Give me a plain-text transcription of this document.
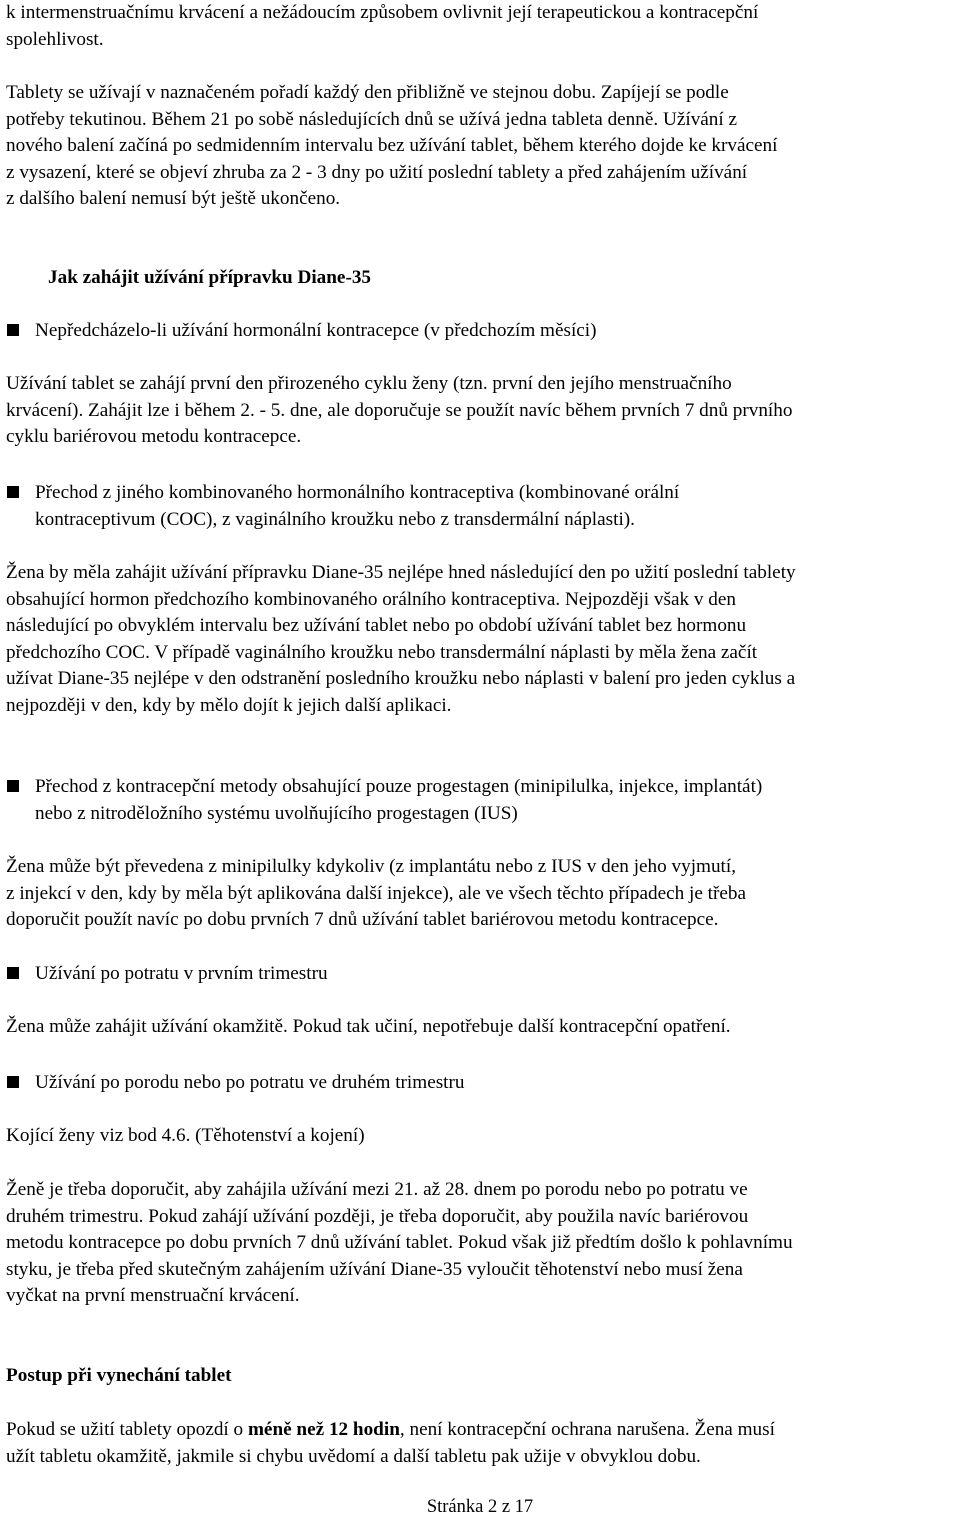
k intermenstruačnímu krvácení a nežádoucím způsobem ovlivnit její terapeutickou a kontracepční
spolehlivost.
Tablety se užívají v naznačeném pořadí každý den přibližně ve stejnou dobu. Zapíjejí se podle
potřeby tekutinou. Během 21 po sobě následujících dnů se užívá jedna tableta denně. Užívání z
nového balení začíná po sedmidenním intervalu bez užívání tablet, během kterého dojde ke krvácení
z vysazení, které se objeví zhruba za 2 - 3 dny po užití poslední tablety a před zahájením užívání
z dalšího balení nemusí být ještě ukončeno.
Jak zahájit užívání přípravku Diane-35
Nepředcházelo-li užívání hormonální kontracepce (v předchozím měsíci)
Užívání tablet se zahájí první den přirozeného cyklu ženy (tzn. první den jejího menstruačního
krvácení). Zahájit lze i během 2. - 5. dne, ale doporučuje se použít navíc během prvních 7 dnů prvního
cyklu bariérovou metodu kontracepce.
Přechod z jiného kombinovaného hormonálního kontraceptiva (kombinované orální
kontraceptivum (COC), z vaginálního kroužku nebo z transdermální náplasti).
Žena by měla zahájit užívání přípravku Diane-35 nejlépe hned následující den po užití poslední tablety
obsahující hormon předchozího kombinovaného orálního kontraceptiva. Nejpozději však v den
následující po obvyklém intervalu bez užívání tablet nebo po období užívání tablet bez hormonu
předchozího COC. V případě vaginálního kroužku nebo transdermální náplasti by měla žena začít
užívat Diane-35 nejlépe v den odstranění posledního kroužku nebo náplasti v balení pro jeden cyklus a
nejpozději v den, kdy by mělo dojít k jejich další aplikaci.
Přechod z kontracepční metody obsahující pouze progestagen (minipilulka, injekce, implantát)
nebo z nitroděložního systému uvolňujícího progestagen (IUS)
Žena může být převedena z minipilulky kdykoliv (z implantátu nebo z IUS v den jeho vyjmutí,
z injekcí v den, kdy by měla být aplikována další injekce), ale ve všech těchto případech je třeba
doporučit použít navíc po dobu prvních 7 dnů užívání tablet bariérovou metodu kontracepce.
Užívání po potratu v prvním trimestru
Žena může zahájit užívání okamžitě. Pokud tak učiní, nepotřebuje další kontracepční opatření.
Užívání po porodu nebo po potratu ve druhém trimestru
Kojící ženy viz bod 4.6. (Těhotenství a kojení)
Ženě je třeba doporučit, aby zahájila užívání mezi 21. až 28. dnem po porodu nebo po potratu ve
druhém trimestru. Pokud zahájí užívání později, je třeba doporučit, aby použila navíc bariérovou
metodu kontracepce po dobu prvních 7 dnů užívání tablet. Pokud však již předtím došlo k pohlavnímu
styku, je třeba před skutečným zahájením užívání Diane-35 vyloučit těhotenství nebo musí žena
vyčkat na první menstruační krvácení.
Postup při vynechání tablet
Pokud se užití tablety opozdí o méně než 12 hodin, není kontracepční ochrana narušena. Žena musí
užít tabletu okamžitě, jakmile si chybu uvědomí a další tabletu pak užije v obvyklou dobu.
Stránka 2 z 17
